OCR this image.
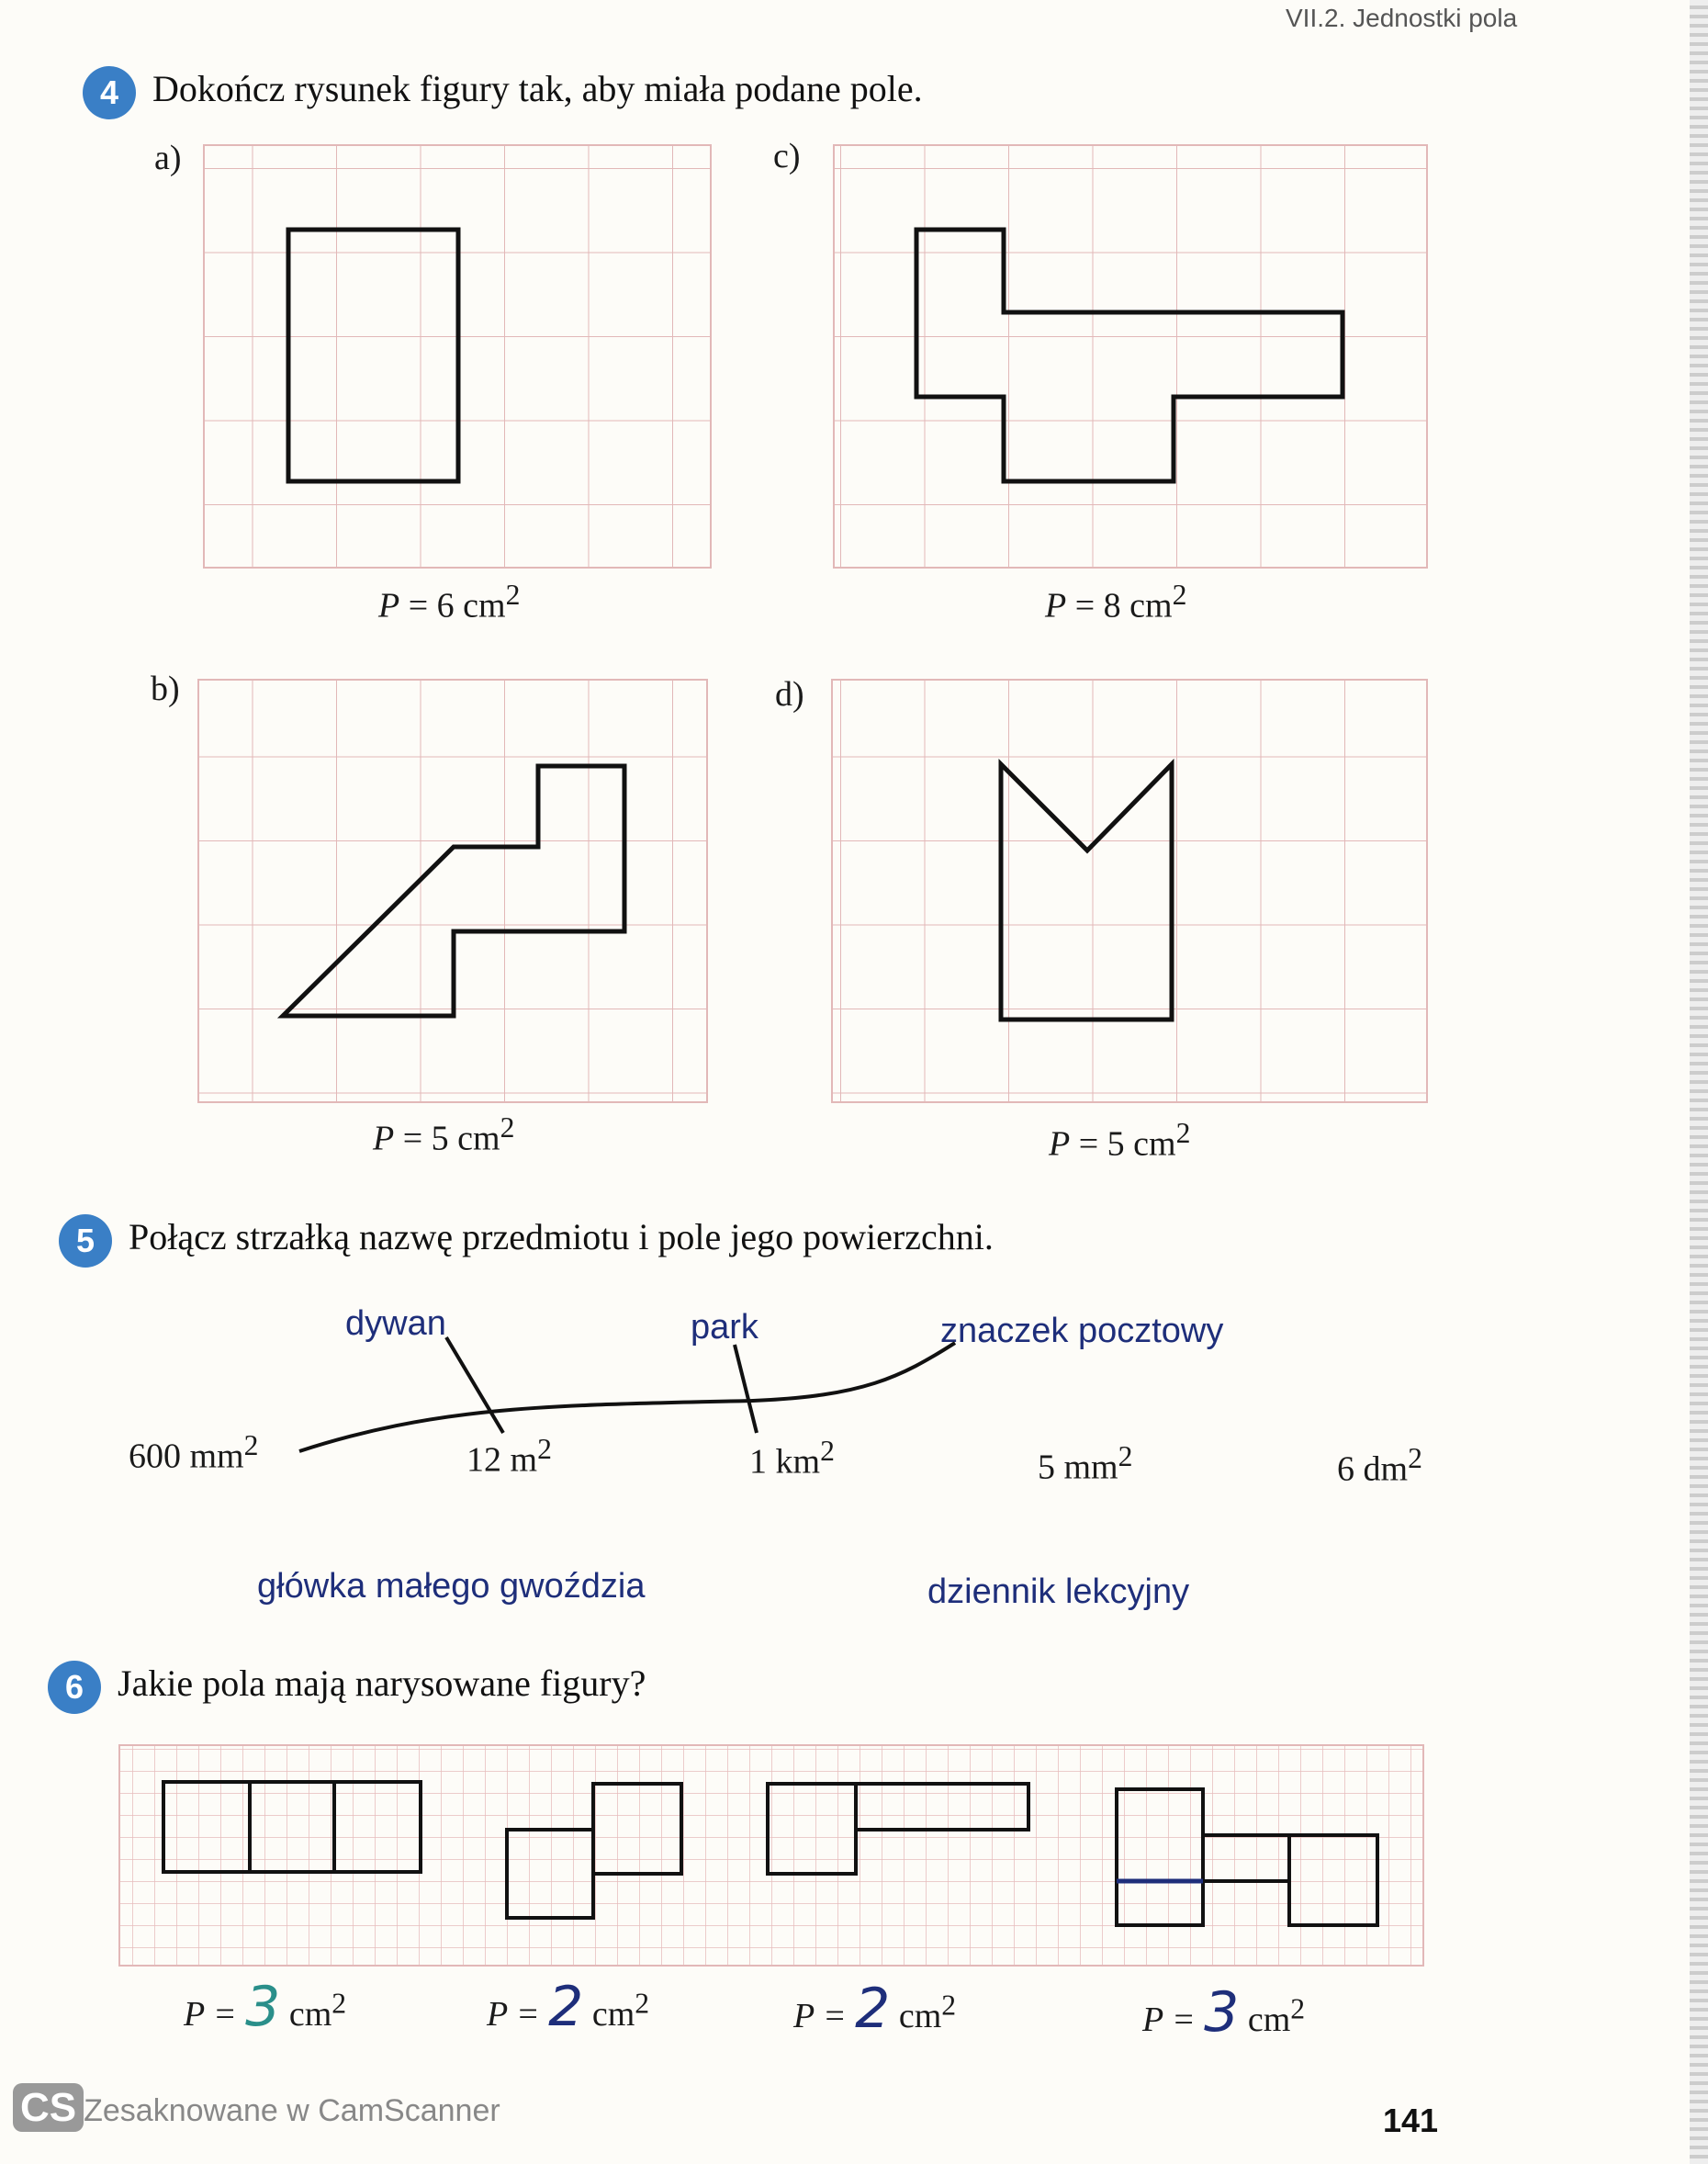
VII.2. Jednostki pola
4 Dokończ rysunek figury tak, aby miała podane pole.
a)	c)
b)	d)
P = 6 $cm^2$	P = 8 $cm^2$
P = 5 $cm^2$	P = 5 $cm^2$
5 Połącz strzałką nazwę przedmiotu i pole jego powierzchni.
dywan	park	znaczek pocztowy
600 $mm^2$	12 $m^2$	1 $km^2$	5 $mm^2$	6 $dm^2$
główka małego gwoździa	dziennik lekcyjny
6 Jakie pola mają narysowane figury?
P = 3 $cm^2$	P = 2 $cm^2$	P = 2 $cm^2$	P = 3 $cm^2$
CS Zesaknowane w CamScanner	141
